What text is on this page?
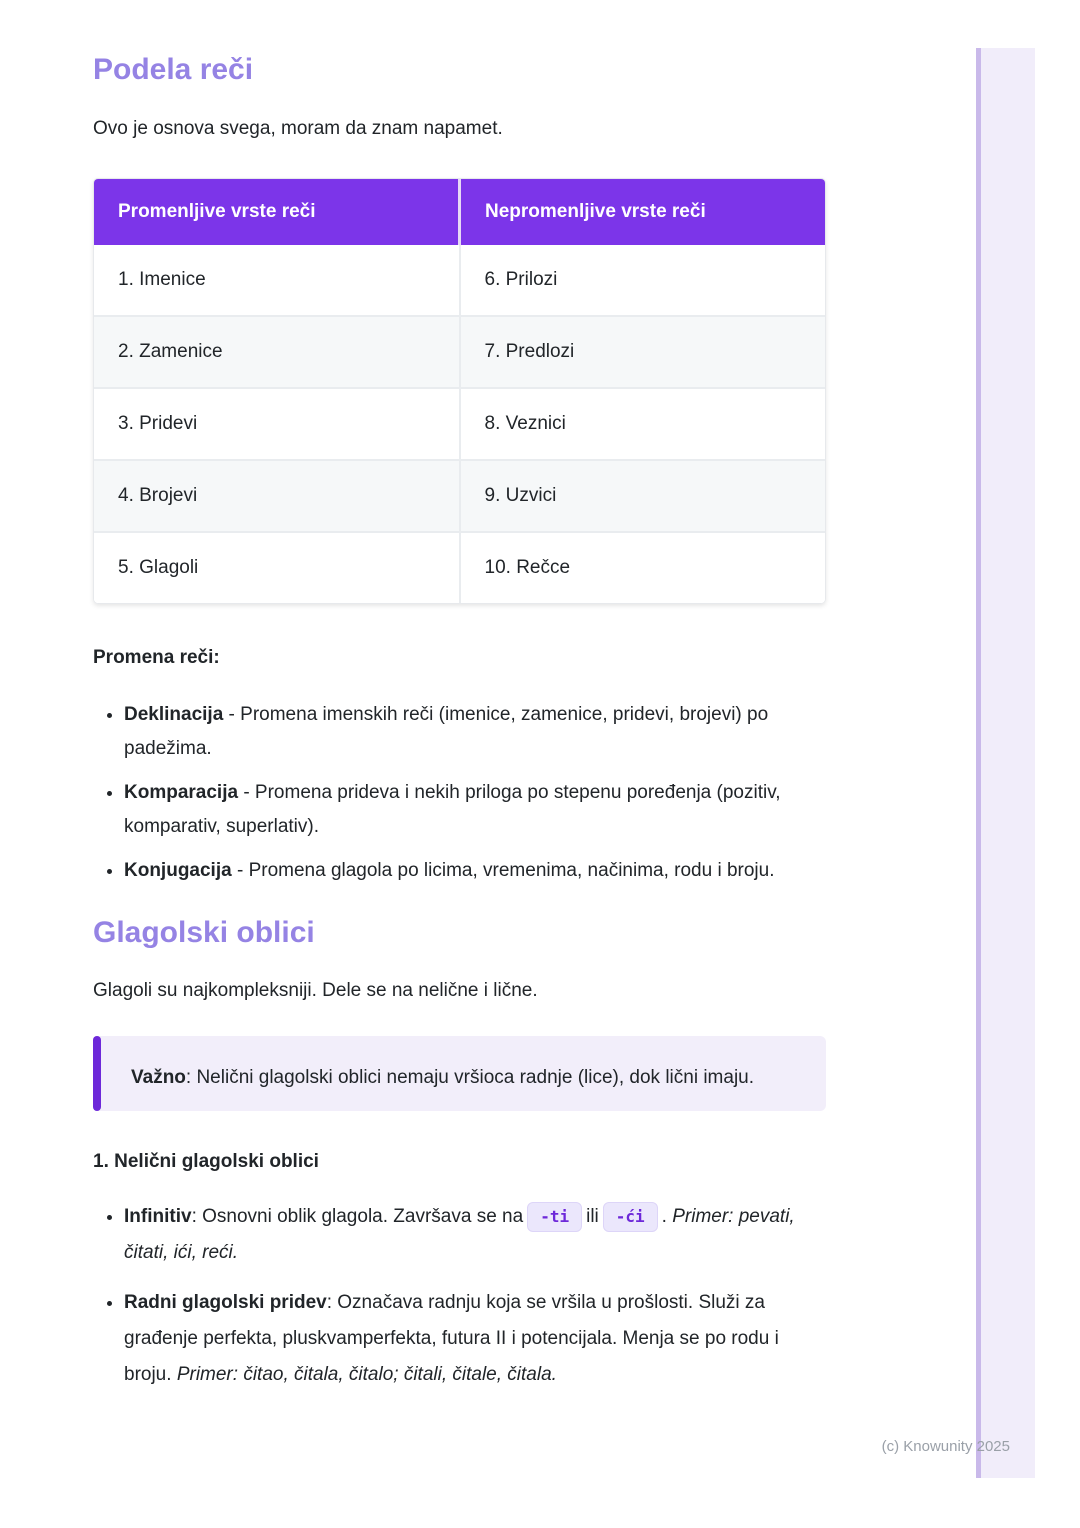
Podela reči

Ovo je osnova svega, moram da znam napamet.

Promenljive vrste reči	Nepromenljive vrste reči
1. Imenice	6. Prilozi
2. Zamenice	7. Predlozi
3. Pridevi	8. Veznici
4. Brojevi	9. Uzvici
5. Glagoli	10. Rečce

Promena reči:

• Deklinacija - Promena imenskih reči (imenice, zamenice, pridevi, brojevi) po padežima.
• Komparacija - Promena prideva i nekih priloga po stepenu poređenja (pozitiv, komparativ, superlativ).
• Konjugacija - Promena glagola po licima, vremenima, načinima, rodu i broju.
Glagolski oblici

Glagoli su najkompleksniji. Dele se na nelične i lične.

Važno: Nelični glagolski oblici nemaju vršioca radnje (lice), dok lični imaju.

1. Nelični glagolski oblici

• Infinitiv: Osnovni oblik glagola. Završava se na -ti ili -ći . Primer: pevati, čitati, ići, reći.
• Radni glagolski pridev: Označava radnju koja se vršila u prošlosti. Služi za građenje perfekta, pluskvamperfekta, futura II i potencijala. Menja se po rodu i broju. Primer: čitao, čitala, čitalo; čitali, čitale, čitala.
(c) Knowunity 2025
